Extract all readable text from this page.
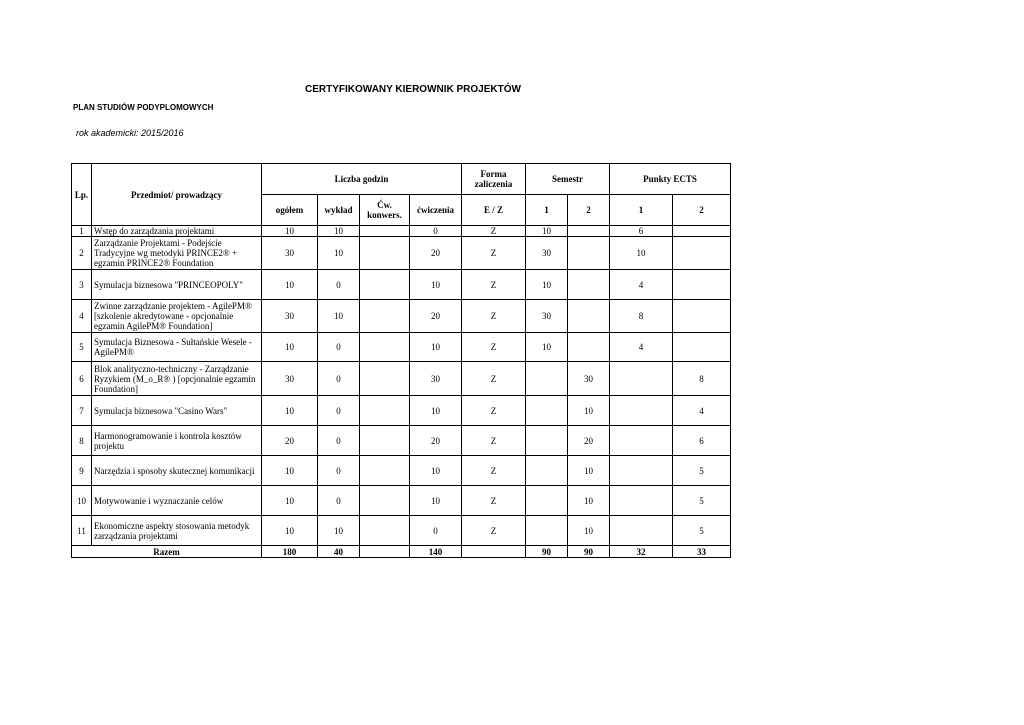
CERTYFIKOWANY KIEROWNIK PROJEKTÓW
PLAN STUDIÓW PODYPLOMOWYCH
rok akademicki: 2015/2016
Lp.	Przedmiot/ prowadzący	Liczba godzin				Forma zaliczenia	Semestr		Punkty ECTS	
		ogółem	wykład	Ćw. konwers.	ćwiczenia	E / Z	1	2	1	2
1	Wstęp do zarządzania projektami	10	10		0	Z	10		6	
2	Zarządzanie Projektami - Podejście Tradycyjne wg metodyki PRINCE2® + egzamin PRINCE2® Foundation	30	10		20	Z	30		10	
3	Symulacja biznesowa "PRINCEOPOLY"	10	0		10	Z	10		4	
4	Zwinne zarządzanie projektem - AgilePM® [szkolenie akredytowane - opcjonalnie egzamin AgilePM® Foundation]	30	10		20	Z	30		8	
5	Symulacja Biznesowa - Sułtańskie Wesele - AgilePM®	10	0		10	Z	10		4	
6	Blok analityczno-techniczny - Zarządzanie Ryzykiem (M_o_R® ) [opcjonalnie egzamin Foundation]	30	0		30	Z		30		8
7	Symulacja biznesowa "Casino Wars"	10	0		10	Z		10		4
8	Harmonogramowanie i kontrola kosztów projektu	20	0		20	Z		20		6
9	Narzędzia i sposoby skutecznej komunikacji	10	0		10	Z		10		5
10	Motywowanie i wyznaczanie celów	10	0		10	Z		10		5
11	Ekonomiczne aspekty stosowania metodyk zarządzania projektami	10	10		0	Z		10		5
Razem		180	40		140		90	90	32	33
